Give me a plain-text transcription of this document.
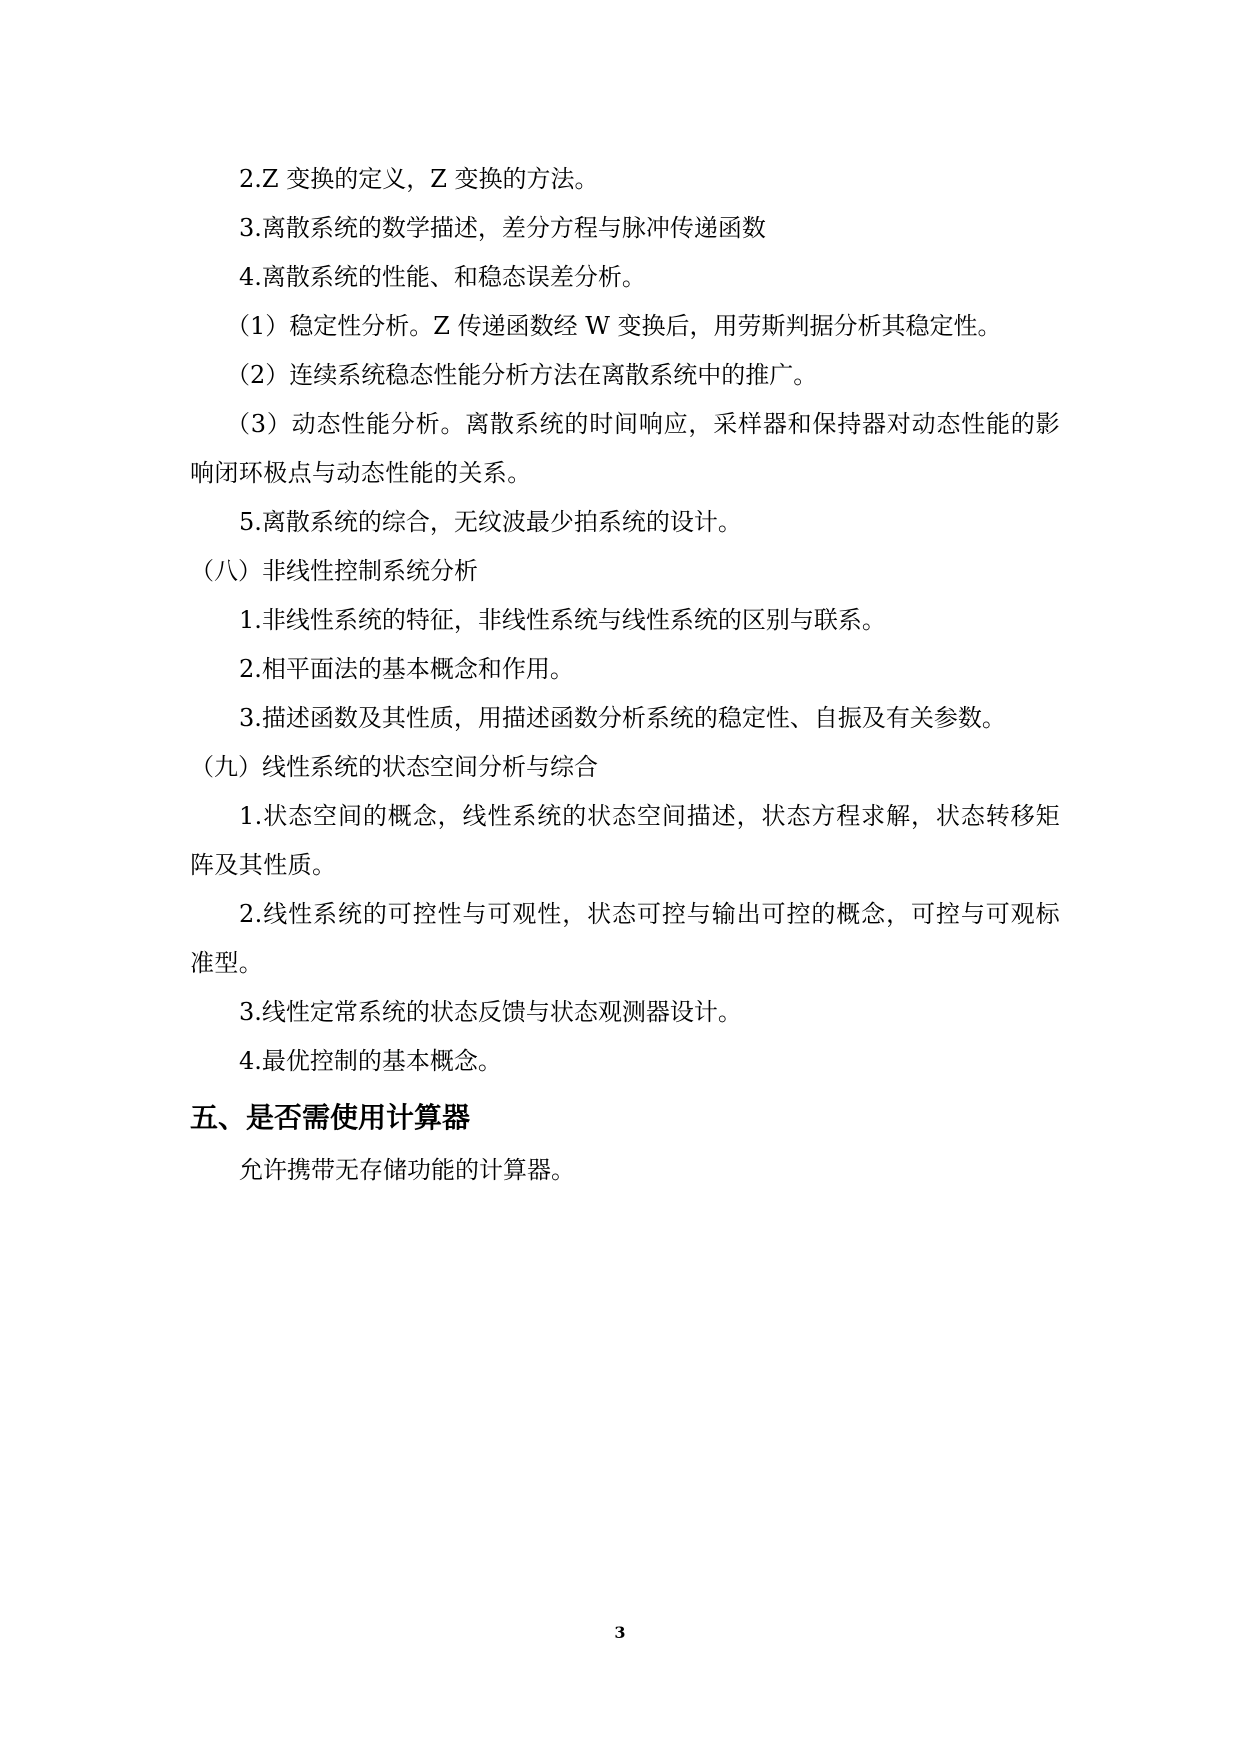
2.Z 变换的定义，Z 变换的方法。
3.离散系统的数学描述，差分方程与脉冲传递函数
4.离散系统的性能、和稳态误差分析。
（1）稳定性分析。Z 传递函数经 W 变换后，用劳斯判据分析其稳定性。
（2）连续系统稳态性能分析方法在离散系统中的推广。
（3）动态性能分析。离散系统的时间响应，采样器和保持器对动态性能的影响闭环极点与动态性能的关系。
5.离散系统的综合，无纹波最少拍系统的设计。
（八）非线性控制系统分析
1.非线性系统的特征，非线性系统与线性系统的区别与联系。
2.相平面法的基本概念和作用。
3.描述函数及其性质，用描述函数分析系统的稳定性、自振及有关参数。
（九）线性系统的状态空间分析与综合
1.状态空间的概念，线性系统的状态空间描述，状态方程求解，状态转移矩阵及其性质。
2.线性系统的可控性与可观性，状态可控与输出可控的概念，可控与可观标准型。
3.线性定常系统的状态反馈与状态观测器设计。
4.最优控制的基本概念。
五、是否需使用计算器
允许携带无存储功能的计算器。
3
